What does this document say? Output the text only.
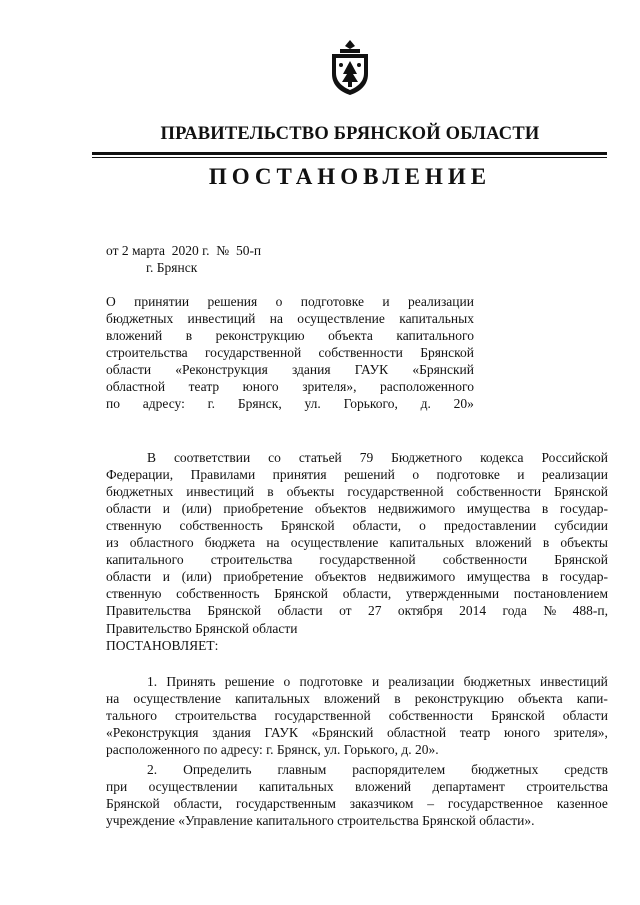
ПРАВИТЕЛЬСТВО БРЯНСКОЙ ОБЛАСТИ
ПОСТАНОВЛЕНИЕ
от 2 марта  2020 г.  №  50-п
г. Брянск
О принятии решения о подготовке и реализации
бюджетных инвестиций на осуществление капитальных
вложений в реконструкцию объекта капитального
строительства государственной собственности Брянской
области «Реконструкция здания ГАУК «Брянский
областной театр юного зрителя», расположенного
по адресу: г. Брянск, ул. Горького, д. 20»
В соответствии со статьей 79 Бюджетного кодекса Российской
Федерации, Правилами принятия решений о подготовке и реализации
бюджетных инвестиций в объекты государственной собственности Брянской
области и (или) приобретение объектов недвижимого имущества в государ-
ственную собственность Брянской области, о предоставлении субсидии
из областного бюджета на осуществление капитальных вложений в объекты
капитального строительства государственной собственности Брянской
области и (или) приобретение объектов недвижимого имущества в государ-
ственную собственность Брянской области, утвержденными постановлением
Правительства Брянской области от 27 октября 2014 года № 488-п,
Правительство Брянской области
ПОСТАНОВЛЯЕТ:
1. Принять решение о подготовке и реализации бюджетных инвестиций
на осуществление капитальных вложений в реконструкцию объекта капи-
тального строительства государственной собственности Брянской области
«Реконструкция здания ГАУК «Брянский областной театр юного зрителя»,
расположенного по адресу: г. Брянск, ул. Горького, д. 20».
2. Определить главным распорядителем бюджетных средств
при осуществлении капитальных вложений департамент строительства
Брянской области, государственным заказчиком – государственное казенное
учреждение «Управление капитального строительства Брянской области».
